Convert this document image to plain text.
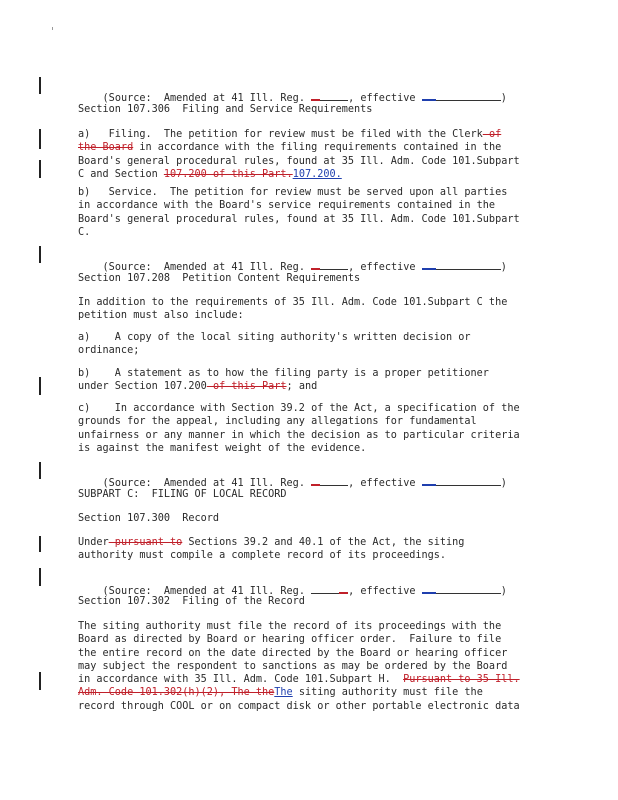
(Source:  Amended at 41 Ill. Reg.	, effective	)

Section 107.306  Filing and Service Requirements
a)   Filing.  The petition for review must be filed with the Clerk of
the Board in accordance with the filing requirements contained in the
Board's general procedural rules, found at 35 Ill. Adm. Code 101.Subpart
C and Section 107.200 of this Part.107.200.
b)   Service.  The petition for review must be served upon all parties
in accordance with the Board's service requirements contained in the
Board's general procedural rules, found at 35 Ill. Adm. Code 101.Subpart
C.

(Source:  Amended at 41 Ill. Reg.	, effective	)

Section 107.208  Petition Content Requirements
In addition to the requirements of 35 Ill. Adm. Code 101.Subpart C the
petition must also include:
a)    A copy of the local siting authority's written decision or
ordinance;
b)    A statement as to how the filing party is a proper petitioner
under Section 107.200 of this Part; and
c)    In accordance with Section 39.2 of the Act, a specification of the
grounds for the appeal, including any allegations for fundamental
unfairness or any manner in which the decision as to particular criteria
is against the manifest weight of the evidence.

(Source:  Amended at 41 Ill. Reg.	, effective	)

SUBPART C:  FILING OF LOCAL RECORD
Section 107.300  Record
Under pursuant to Sections 39.2 and 40.1 of the Act, the siting
authority must compile a complete record of its proceedings.

(Source:  Amended at 41 Ill. Reg.	, effective	)

Section 107.302  Filing of the Record
The siting authority must file the record of its proceedings with the
Board as directed by Board or hearing officer order.  Failure to file
the entire record on the date directed by the Board or hearing officer
may subject the respondent to sanctions as may be ordered by the Board
in accordance with 35 Ill. Adm. Code 101.Subpart H.  Pursuant to 35 Ill.
Adm. Code 101.302(h)(2), The theThe siting authority must file the
record through COOL or on compact disk or other portable electronic data
